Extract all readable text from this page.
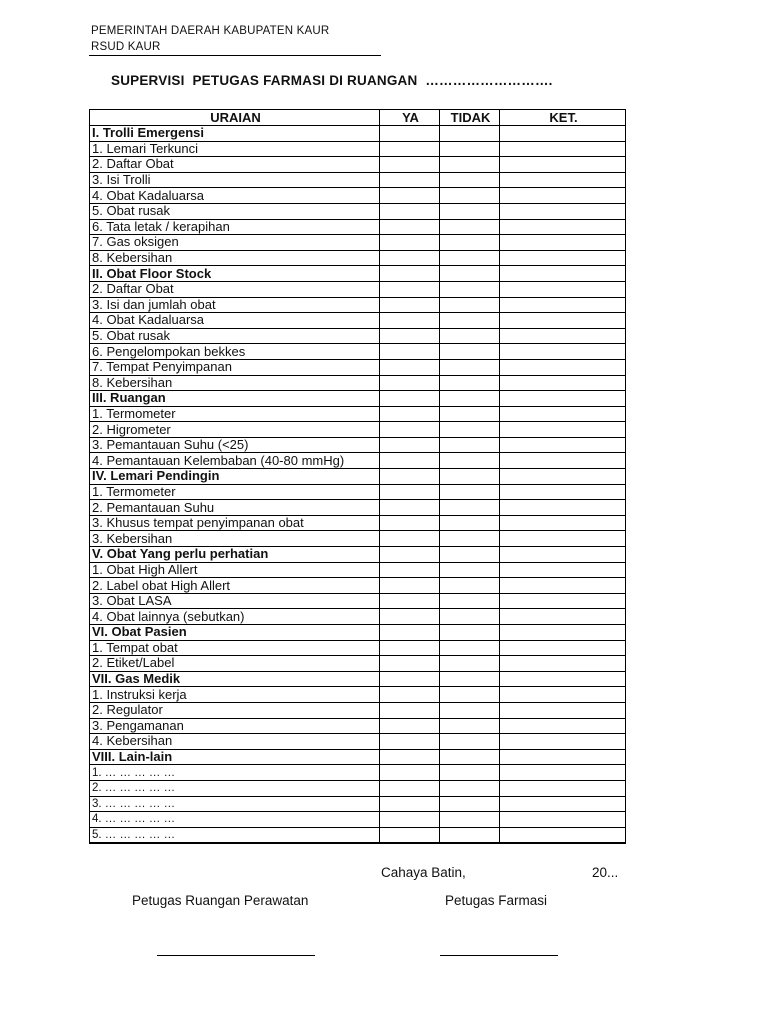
PEMERINTAH DAERAH KABUPATEN KAUR
RSUD KAUR
SUPERVISI  PETUGAS FARMASI DI RUANGAN  ……………………….
URAIAN	YA	TIDAK	KET.
I. Trolli Emergensi			
1. Lemari Terkunci			
2. Daftar Obat			
3. Isi Trolli			
4. Obat Kadaluarsa			
5. Obat rusak			
6. Tata letak / kerapihan			
7. Gas oksigen			
8. Kebersihan			
II. Obat Floor Stock			
2. Daftar Obat			
3. Isi dan jumlah obat			
4. Obat Kadaluarsa			
5. Obat rusak			
6. Pengelompokan bekkes			
7. Tempat Penyimpanan			
8. Kebersihan			
III. Ruangan			
1. Termometer			
2. Higrometer			
3. Pemantauan Suhu (<25)			
4. Pemantauan Kelembaban (40-80 mmHg)			
IV. Lemari Pendingin			
1. Termometer			
2. Pemantauan Suhu			
3. Khusus tempat penyimpanan obat			
3. Kebersihan			
V. Obat Yang perlu perhatian			
1. Obat High Allert			
2. Label obat High Allert			
3. Obat LASA			
4. Obat lainnya (sebutkan)			
VI. Obat Pasien			
1. Tempat obat			
2. Etiket/Label			
VII. Gas Medik			
1. Instruksi kerja			
2. Regulator			
3. Pengamanan			
4. Kebersihan			
VIII. Lain-lain			
1. … … … … …			
2. … … … … …			
3. … … … … …			
4. … … … … …			
5. … … … … …			
Cahaya Batin,	20...
Petugas Ruangan Perawatan	Petugas Farmasi
